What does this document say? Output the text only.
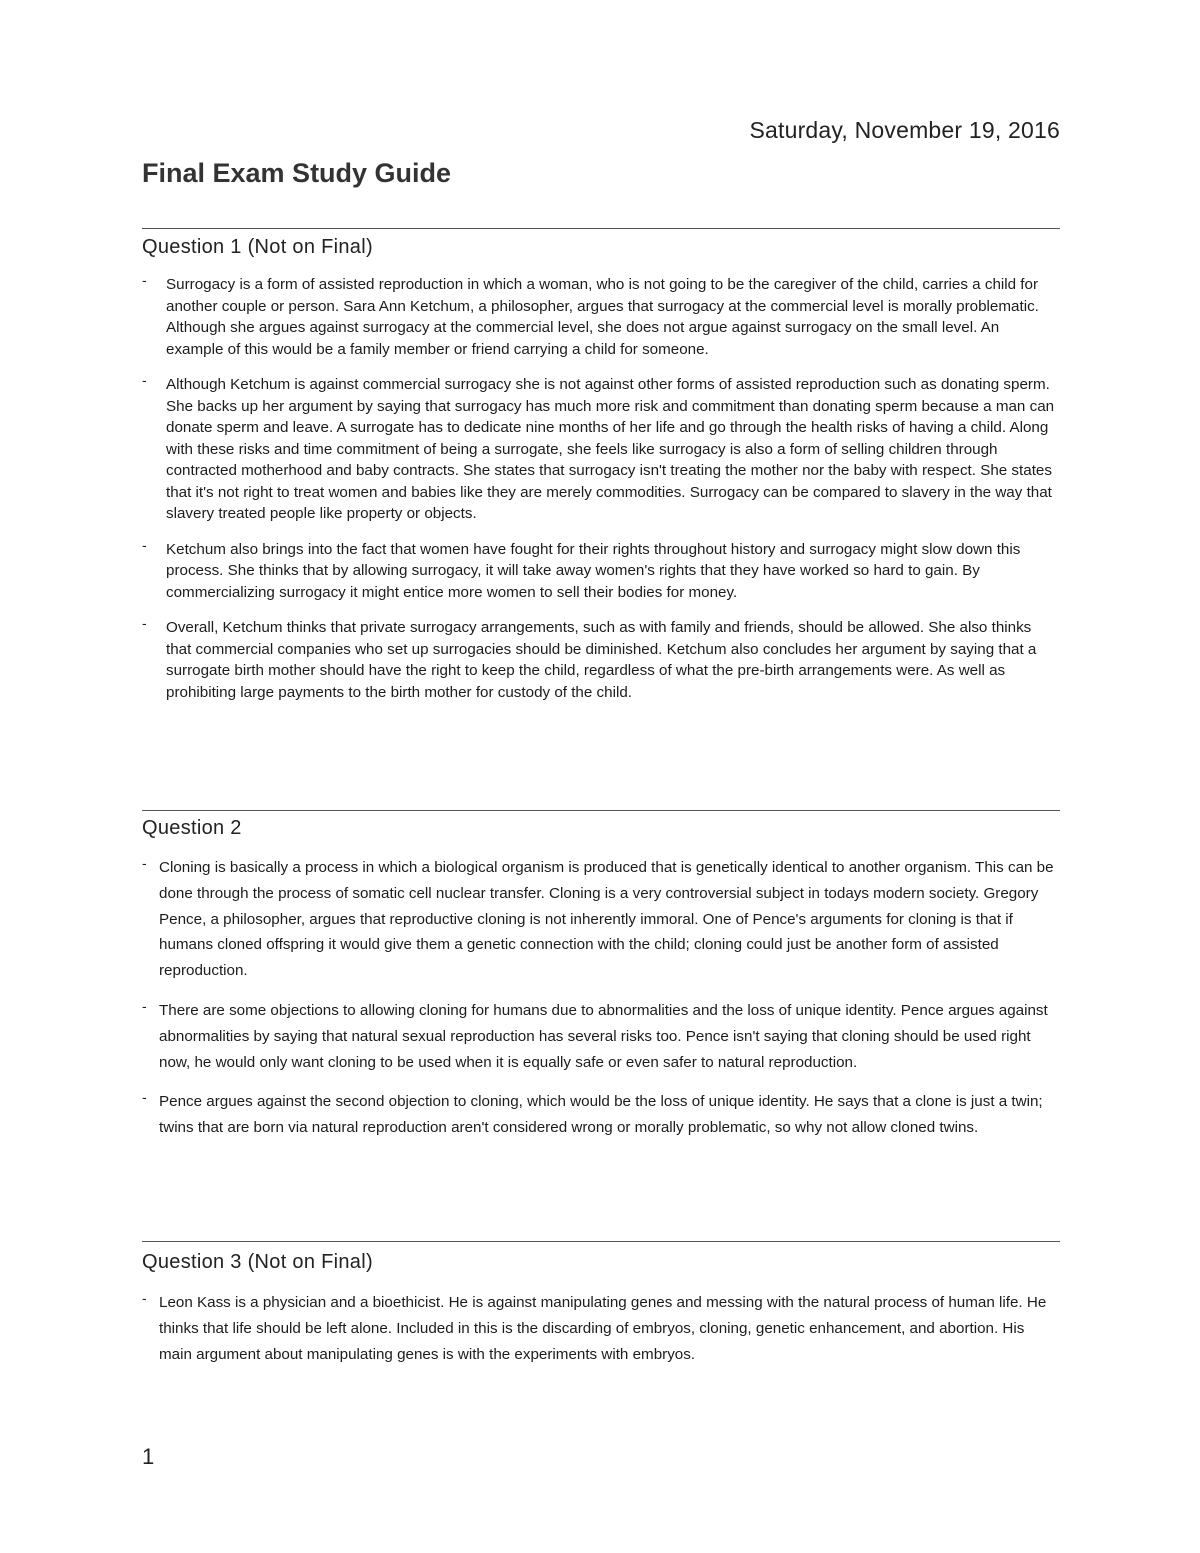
Saturday, November 19, 2016
Final Exam Study Guide
Question 1 (Not on Final)
- Surrogacy is a form of assisted reproduction in which a woman, who is not going to be the caregiver of the child, carries a child for another couple or person. Sara Ann Ketchum, a philosopher, argues that surrogacy at the commercial level is morally problematic. Although she argues against surrogacy at the commercial level, she does not argue against surrogacy on the small level. An example of this would be a family member or friend carrying a child for someone.
- Although Ketchum is against commercial surrogacy she is not against other forms of assisted reproduction such as donating sperm. She backs up her argument by saying that surrogacy has much more risk and commitment than donating sperm because a man can donate sperm and leave. A surrogate has to dedicate nine months of her life and go through the health risks of having a child. Along with these risks and time commitment of being a surrogate, she feels like surrogacy is also a form of selling children through contracted motherhood and baby contracts. She states that surrogacy isn't treating the mother nor the baby with respect. She states that it's not right to treat women and babies like they are merely commodities. Surrogacy can be compared to slavery in the way that slavery treated people like property or objects.
- Ketchum also brings into the fact that women have fought for their rights throughout history and surrogacy might slow down this process. She thinks that by allowing surrogacy, it will take away women's rights that they have worked so hard to gain. By commercializing surrogacy it might entice more women to sell their bodies for money.
- Overall, Ketchum thinks that private surrogacy arrangements, such as with family and friends, should be allowed. She also thinks that commercial companies who set up surrogacies should be diminished. Ketchum also concludes her argument by saying that a surrogate birth mother should have the right to keep the child, regardless of what the pre-birth arrangements were. As well as prohibiting large payments to the birth mother for custody of the child.
Question 2
- Cloning is basically a process in which a biological organism is produced that is genetically identical to another organism. This can be done through the process of somatic cell nuclear transfer. Cloning is a very controversial subject in todays modern society. Gregory Pence, a philosopher, argues that reproductive cloning is not inherently immoral. One of Pence's arguments for cloning is that if humans cloned offspring it would give them a genetic connection with the child; cloning could just be another form of assisted reproduction.
- There are some objections to allowing cloning for humans due to abnormalities and the loss of unique identity. Pence argues against abnormalities by saying that natural sexual reproduction has several risks too. Pence isn't saying that cloning should be used right now, he would only want cloning to be used when it is equally safe or even safer to natural reproduction.
- Pence argues against the second objection to cloning, which would be the loss of unique identity. He says that a clone is just a twin; twins that are born via natural reproduction aren't considered wrong or morally problematic, so why not allow cloned twins.
Question 3 (Not on Final)
- Leon Kass is a physician and a bioethicist. He is against manipulating genes and messing with the natural process of human life. He thinks that life should be left alone. Included in this is the discarding of embryos, cloning, genetic enhancement, and abortion. His main argument about manipulating genes is with the experiments with embryos.
1
